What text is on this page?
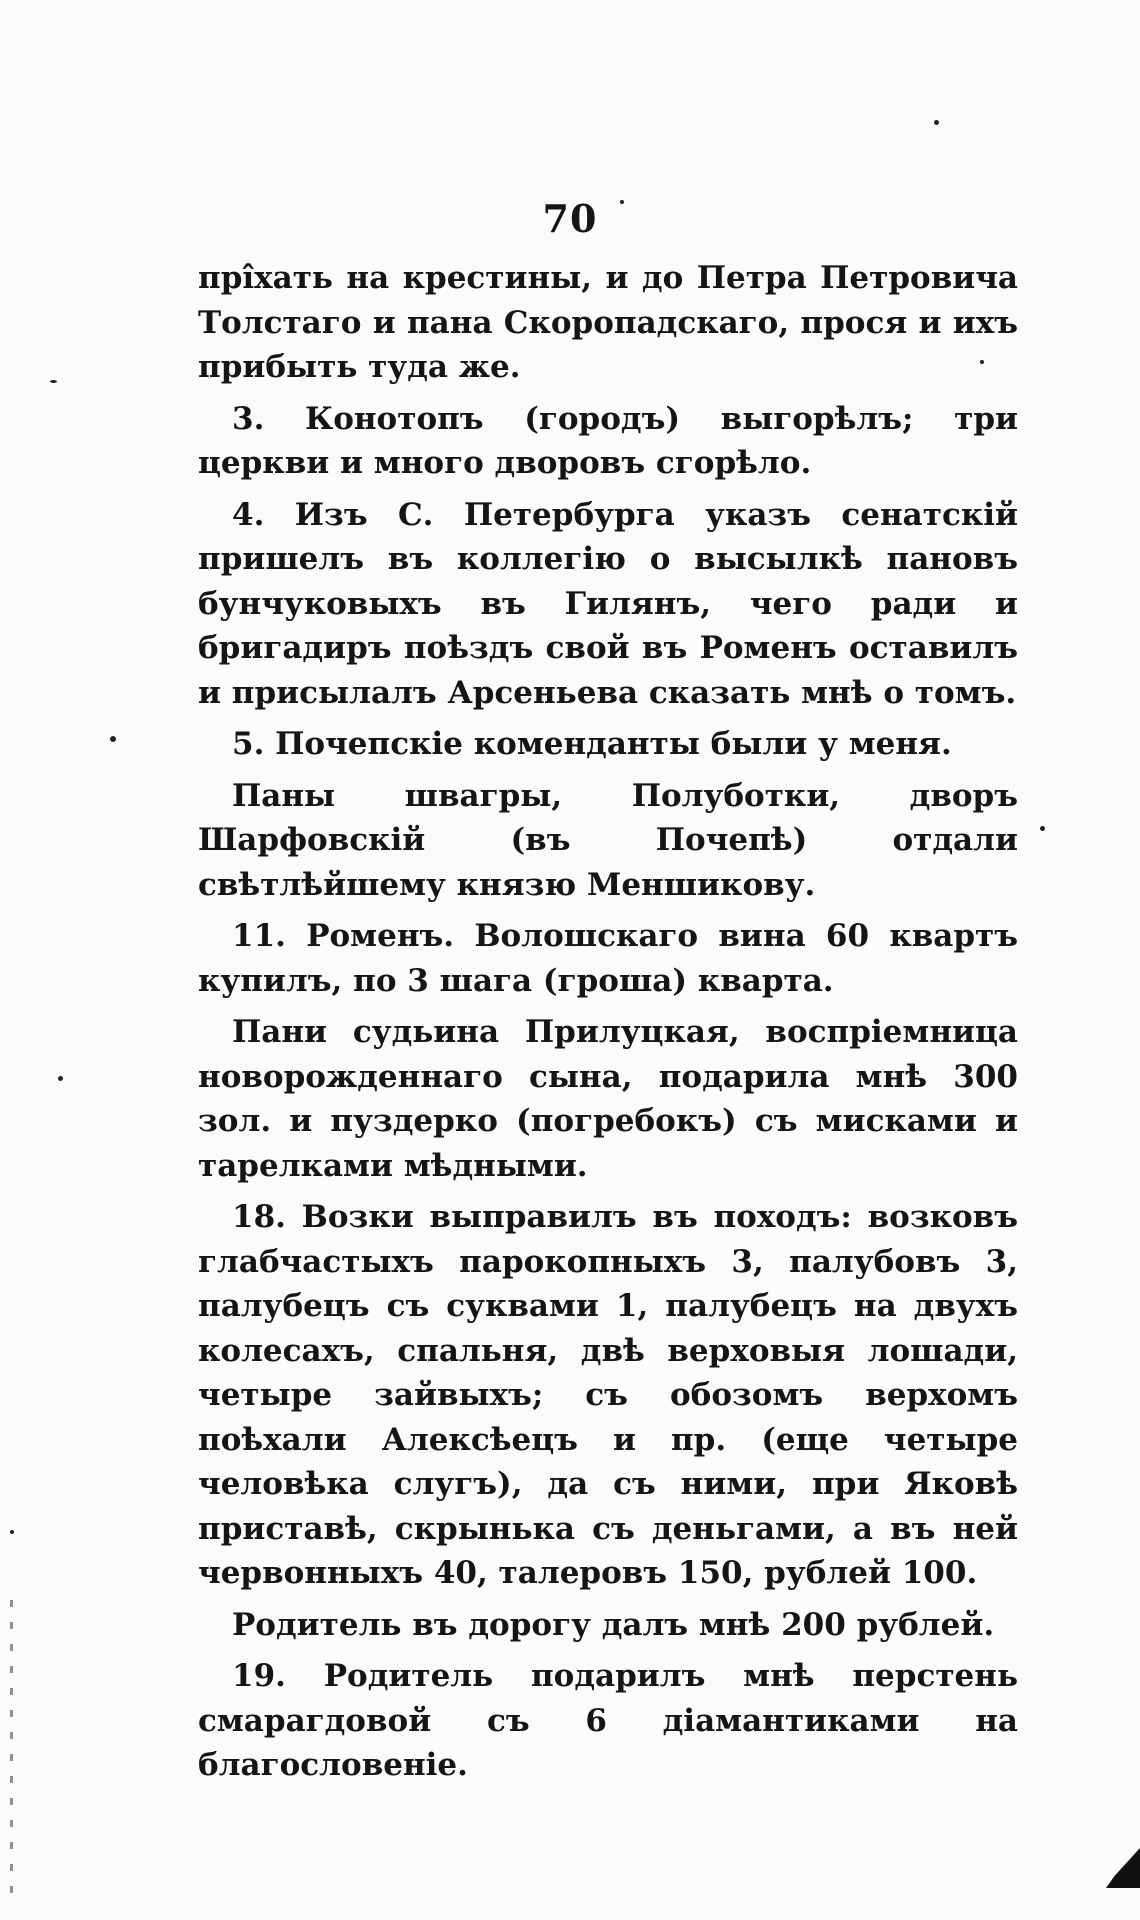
70

прі̂хать на крестины, и до Петра Петровича Толстаго и пана Скоропадскаго, прося и ихъ прибыть туда же.

3. Конотопъ (городъ) выгорѣлъ; три церкви и много дворовъ сгорѣло.

4. Изъ С. Петербурга указъ сенатскій пришелъ въ коллегію о высылкѣ пановъ бунчуковыхъ въ Гилянъ, чего ради и бригадиръ поѣздъ свой въ Роменъ оставилъ и присылалъ Арсеньева сказать мнѣ о томъ.

5. Почепскіе коменданты были у меня.

Паны швагры, Полуботки, дворъ Шарфовскій (въ Почепѣ) отдали свѣтлѣйшему князю Меншикову.

11. Роменъ. Волошскаго вина 60 квартъ купилъ, по 3 шага (гроша) кварта.

Пани судьина Прилуцкая, воспріемница новорожденнаго сына, подарила мнѣ 300 зол. и пуздерко (погребокъ) съ мисками и тарелками мѣдными.

18. Возки выправилъ въ походъ: возковъ глабчастыхъ парокопныхъ 3, палубовъ 3, палубецъ съ суквами 1, палубецъ на двухъ колесахъ, спальня, двѣ верховыя лошади, четыре зайвыхъ; съ обозомъ верхомъ поѣхали Алексѣецъ и пр. (еще четыре человѣка слугъ), да съ ними, при Яковѣ приставѣ, скрынька съ деньгами, а въ ней червонныхъ 40, талеровъ 150, рублей 100.

Родитель въ дорогу далъ мнѣ 200 рублей.

19. Родитель подарилъ мнѣ перстень смарагдовой съ 6 діамантиками на благословеніе.
